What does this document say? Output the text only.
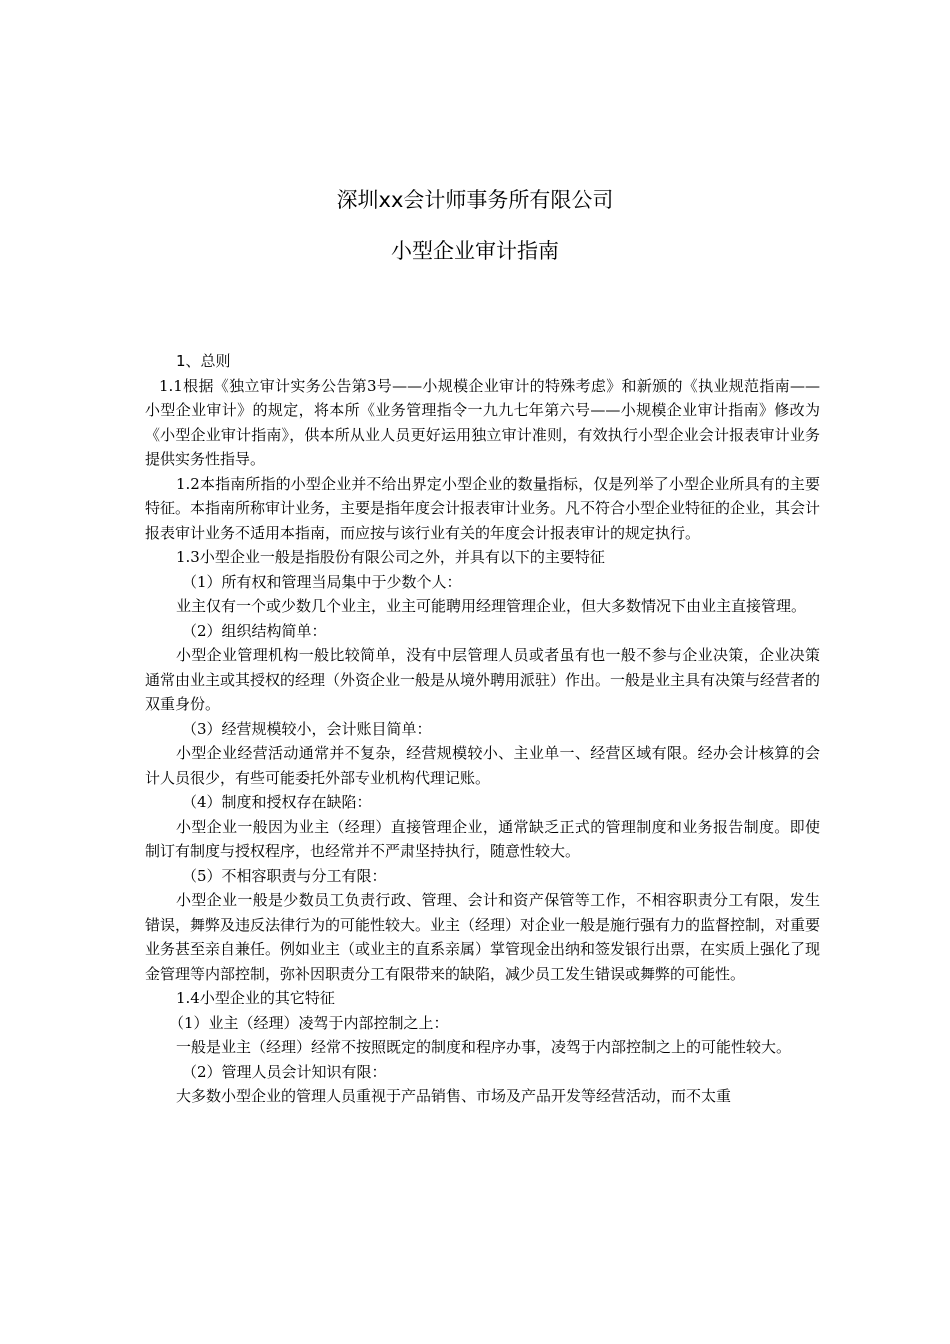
深圳xx会计师事务所有限公司
小型企业审计指南

1、总则

1.1根据《独立审计实务公告第3号——小规模企业审计的特殊考虑》和新颁的《执业规范指南——小型企业审计》的规定，将本所《业务管理指令一九九七年第六号——小规模企业审计指南》修改为《小型企业审计指南》，供本所从业人员更好运用独立审计准则，有效执行小型企业会计报表审计业务提供实务性指导。

1.2本指南所指的小型企业并不给出界定小型企业的数量指标，仅是列举了小型企业所具有的主要特征。本指南所称审计业务，主要是指年度会计报表审计业务。凡不符合小型企业特征的企业，其会计报表审计业务不适用本指南，而应按与该行业有关的年度会计报表审计的规定执行。

1.3小型企业一般是指股份有限公司之外，并具有以下的主要特征

（1）所有权和管理当局集中于少数个人：

业主仅有一个或少数几个业主，业主可能聘用经理管理企业，但大多数情况下由业主直接管理。

（2）组织结构简单：

小型企业管理机构一般比较简单，没有中层管理人员或者虽有也一般不参与企业决策，企业决策通常由业主或其授权的经理（外资企业一般是从境外聘用派驻）作出。一般是业主具有决策与经营者的双重身份。

（3）经营规模较小，会计账目简单：

小型企业经营活动通常并不复杂，经营规模较小、主业单一、经营区域有限。经办会计核算的会计人员很少，有些可能委托外部专业机构代理记账。

（4）制度和授权存在缺陷：

小型企业一般因为业主（经理）直接管理企业，通常缺乏正式的管理制度和业务报告制度。即使制订有制度与授权程序，也经常并不严肃坚持执行，随意性较大。

（5）不相容职责与分工有限：

小型企业一般是少数员工负责行政、管理、会计和资产保管等工作，不相容职责分工有限，发生错误，舞弊及违反法律行为的可能性较大。业主（经理）对企业一般是施行强有力的监督控制，对重要业务甚至亲自兼任。例如业主（或业主的直系亲属）掌管现金出纳和签发银行出票，在实质上强化了现金管理等内部控制，弥补因职责分工有限带来的缺陷，减少员工发生错误或舞弊的可能性。

1.4小型企业的其它特征

（1）业主（经理）凌驾于内部控制之上：

一般是业主（经理）经常不按照既定的制度和程序办事，凌驾于内部控制之上的可能性较大。

（2）管理人员会计知识有限：

大多数小型企业的管理人员重视于产品销售、市场及产品开发等经营活动，而不太重
